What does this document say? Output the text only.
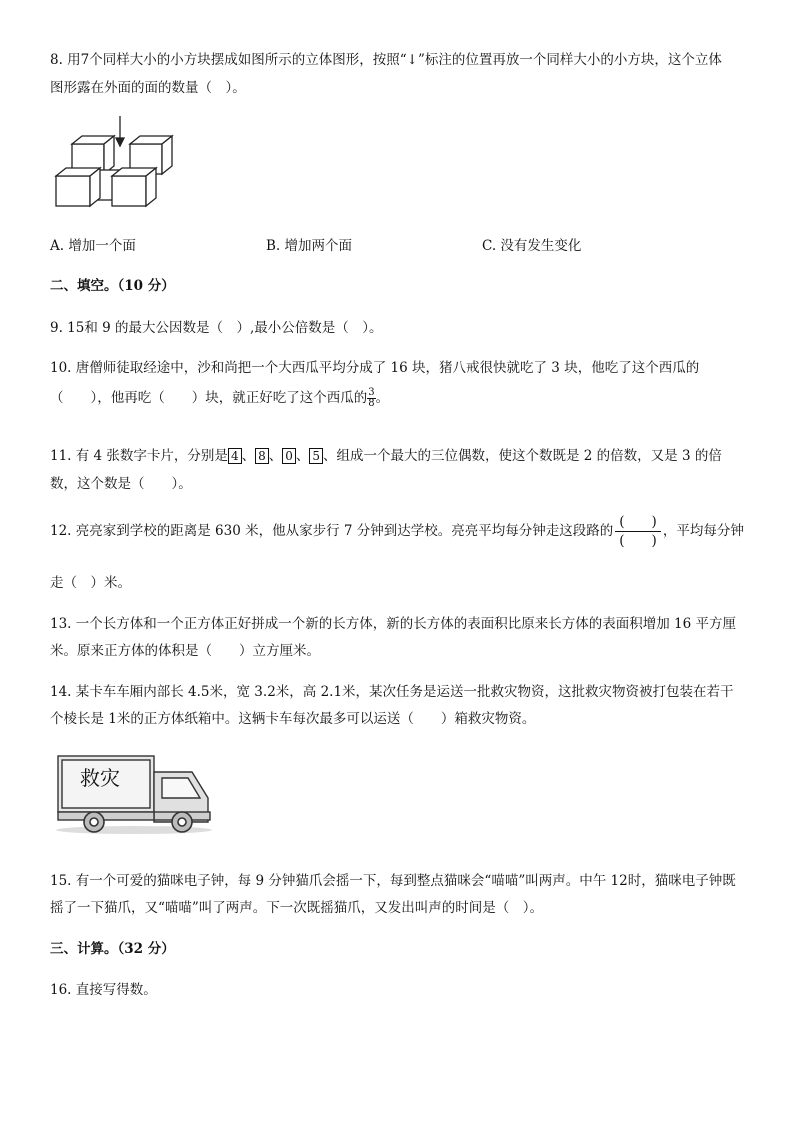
8. 用7个同样大小的小方块摆成如图所示的立体图形，按照“↓”标注的位置再放一个同样大小的小方块，这个立体
图形露在外面的面的数量（　）。
A. 增加一个面	B. 增加两个面	C. 没有发生变化
二、填空。（10 分）
9. 15和 9 的最大公因数是（　）,最小公倍数是（　）。
10. 唐僧师徒取经途中，沙和尚把一个大西瓜平均分成了 16 块，猪八戒很快就吃了 3 块，他吃了这个西瓜的
（　　），他再吃（　　）块，就正好吃了这个西瓜的 $\frac{3}{8}$ 。
11. 有 4 张数字卡片，分别是 4 、 8 、 0 、 5 、组成一个最大的三位偶数，使这个数既是 2 的倍数，又是 3 的倍
数，这个数是（　　）。
12. 亮亮家到学校的距离是 630 米，他从家步行 7 分钟到达学校。亮亮平均每分钟走这段路的 $\frac{( )}{( )}$ ，平均每分钟
走（　）米。
13. 一个长方体和一个正方体正好拼成一个新的长方体，新的长方体的表面积比原来长方体的表面积增加 16 平方厘
米。原来正方体的体积是（　　）立方厘米。
14. 某卡车车厢内部长 4.5米，宽 3.2米，高 2.1米，某次任务是运送一批救灾物资，这批救灾物资被打包装在若干
个棱长是 1米的正方体纸箱中。这辆卡车每次最多可以运送（　　）箱救灾物资。
救灾
15. 有一个可爱的猫咪电子钟，每 9 分钟猫爪会摇一下，每到整点猫咪会“喵喵”叫两声。中午 12时，猫咪电子钟既
摇了一下猫爪，又“喵喵”叫了两声。下一次既摇猫爪，又发出叫声的时间是（　）。
三、计算。（32 分）
16. 直接写得数。
